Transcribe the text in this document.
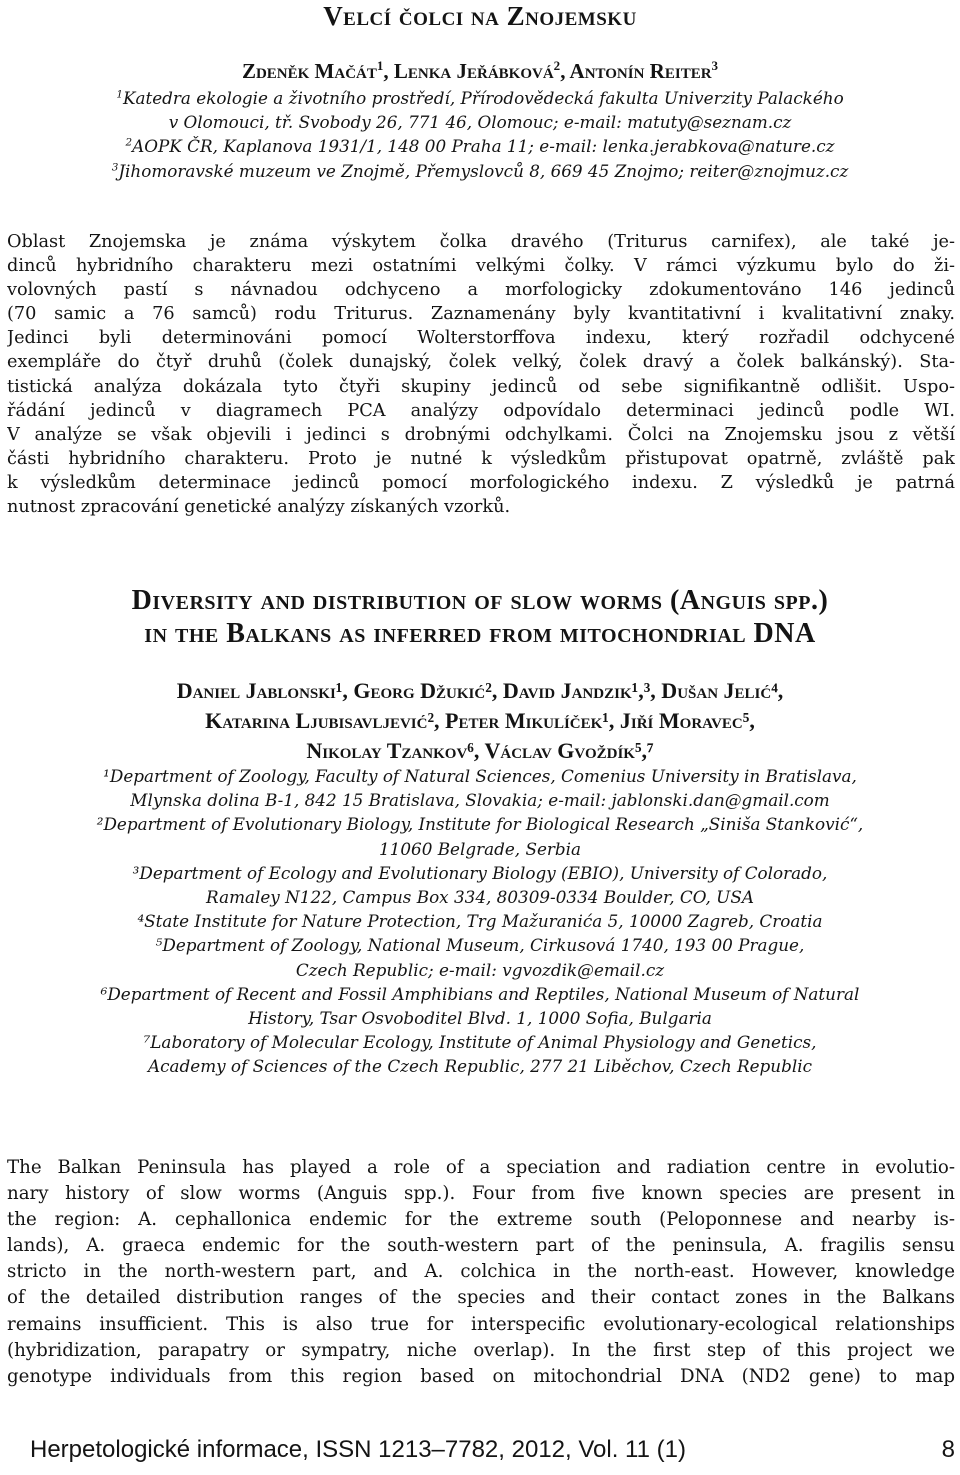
Velcí čolci na Znojemsku
Zdeněk Mačát$^1$, Lenka Jeřábková$^2$, Antonín Reiter$^3$
$^1$Katedra ekologie a životního prostředí, Přírodovědecká fakulta Univerzity Palackého
v Olomouci, tř. Svobody 26, 771 46, Olomouc; e-mail: matuty@seznam.cz
$^2$AOPK ČR, Kaplanova 1931/1, 148 00 Praha 11; e-mail: lenka.jerabkova@nature.cz
$^3$Jihomoravské muzeum ve Znojmě, Přemyslovců 8, 669 45 Znojmo; reiter@znojmuz.cz
Oblast Znojemska je známa výskytem čolka dravého (Triturus carnifex), ale také je-
dinců hybridního charakteru mezi ostatními velkými čolky. V rámci výzkumu bylo do ži-
volovných pastí s návnadou odchyceno a morfologicky zdokumentováno 146 jedinců
(70 samic a 76 samců) rodu Triturus. Zaznamenány byly kvantitativní i kvalitativní znaky.
Jedinci byli determinováni pomocí Wolterstorffova indexu, který rozřadil odchycené
exempláře do čtyř druhů (čolek dunajský, čolek velký, čolek dravý a čolek balkánský). Sta-
tistická analýza dokázala tyto čtyři skupiny jedinců od sebe signifikantně odlišit. Uspo-
řádání jedinců v diagramech PCA analýzy odpovídalo determinaci jedinců podle WI.
V analýze se však objevili i jedinci s drobnými odchylkami. Čolci na Znojemsku jsou z větší
části hybridního charakteru. Proto je nutné k výsledkům přistupovat opatrně, zvláště pak
k výsledkům determinace jedinců pomocí morfologického indexu. Z výsledků je patrná
nutnost zpracování genetické analýzy získaných vzorků.
Diversity and distribution of slow worms (Anguis spp.)
in the Balkans as inferred from mitochondrial DNA
Daniel Jablonski¹, Georg Džukić², David Jandzik¹,³, Dušan Jelić⁴,
Katarina Ljubisavljević², Peter Mikulíček¹, Jiří Moravec⁵,
Nikolay Tzankov⁶, Václav Gvoždík⁵,⁷
¹Department of Zoology, Faculty of Natural Sciences, Comenius University in Bratislava,
Mlynska dolina B-1, 842 15 Bratislava, Slovakia; e-mail: jablonski.dan@gmail.com
²Department of Evolutionary Biology, Institute for Biological Research „Siniša Stanković“,
11060 Belgrade, Serbia
³Department of Ecology and Evolutionary Biology (EBIO), University of Colorado,
Ramaley N122, Campus Box 334, 80309-0334 Boulder, CO, USA
⁴State Institute for Nature Protection, Trg Mažuranića 5, 10000 Zagreb, Croatia
⁵Department of Zoology, National Museum, Cirkusová 1740, 193 00 Prague,
Czech Republic; e-mail: vgvozdik@email.cz
⁶Department of Recent and Fossil Amphibians and Reptiles, National Museum of Natural
History, Tsar Osvoboditel Blvd. 1, 1000 Sofia, Bulgaria
⁷Laboratory of Molecular Ecology, Institute of Animal Physiology and Genetics,
Academy of Sciences of the Czech Republic, 277 21 Liběchov, Czech Republic
The Balkan Peninsula has played a role of a speciation and radiation centre in evolutio-
nary history of slow worms (Anguis spp.). Four from five known species are present in
the region: A. cephallonica endemic for the extreme south (Peloponnese and nearby is-
lands), A. graeca endemic for the south-western part of the peninsula, A. fragilis sensu
stricto in the north-western part, and A. colchica in the north-east. However, knowledge
of the detailed distribution ranges of the species and their contact zones in the Balkans
remains insufficient. This is also true for interspecific evolutionary-ecological relationships
(hybridization, parapatry or sympatry, niche overlap). In the first step of this project we
genotype individuals from this region based on mitochondrial DNA (ND2 gene) to map
Herpetologické informace, ISSN 1213–7782, 2012, Vol. 11 (1)	8
